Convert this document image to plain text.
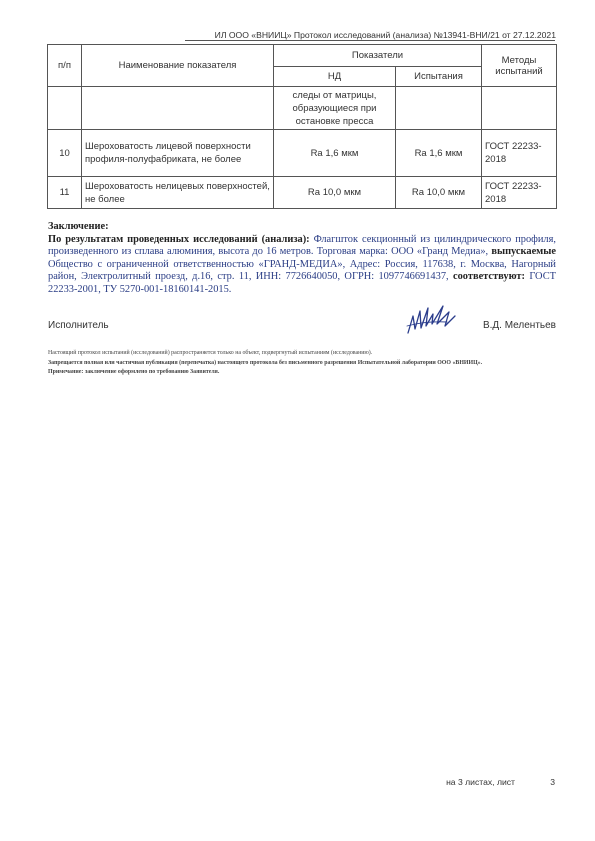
ИЛ ООО «ВНИИЦ» Протокол исследований (анализа) №13941-ВНИ/21 от 27.12.2021
п/п	Наименование показателя	Показатели		Методы испытаний
		НД	Испытания	
		следы от матрицы, образующиеся при остановке пресса		
10	Шероховатость лицевой поверхности профиля-полуфабриката, не более	Ra 1,6 мкм	Ra 1,6 мкм	ГОСТ 22233-2018
11	Шероховатость нелицевых поверхностей, не более	Ra 10,0 мкм	Ra 10,0 мкм	ГОСТ 22233-2018
Заключение:
По результатам проведенных исследований (анализа): Флагшток секционный из цилиндрического профиля, произведенного из сплава алюминия, высота до 16 метров. Торговая марка: ООО «Гранд Медиа», выпускаемые Общество с ограниченной ответственностью «ГРАНД-МЕДИА», Адрес: Россия, 117638, г. Москва, Нагорный район, Электролитный проезд, д.16, стр. 11, ИНН: 7726640050, ОГРН: 1097746691437, соответствуют: ГОСТ 22233-2001, ТУ 5270-001-18160141-2015.
Исполнитель	В.Д. Мелентьев
Настоящий протокол испытаний (исследований) распространяется только на объект, подвергнутый испытаниям (исследованию).
Запрещается полная или частичная публикация (перепечатка) настоящего протокола без письменного разрешения Испытательной лаборатории ООО «ВНИИЦ».
Примечание: заключение оформлено по требованию Заявителя.
на 3 листах, лист	3
